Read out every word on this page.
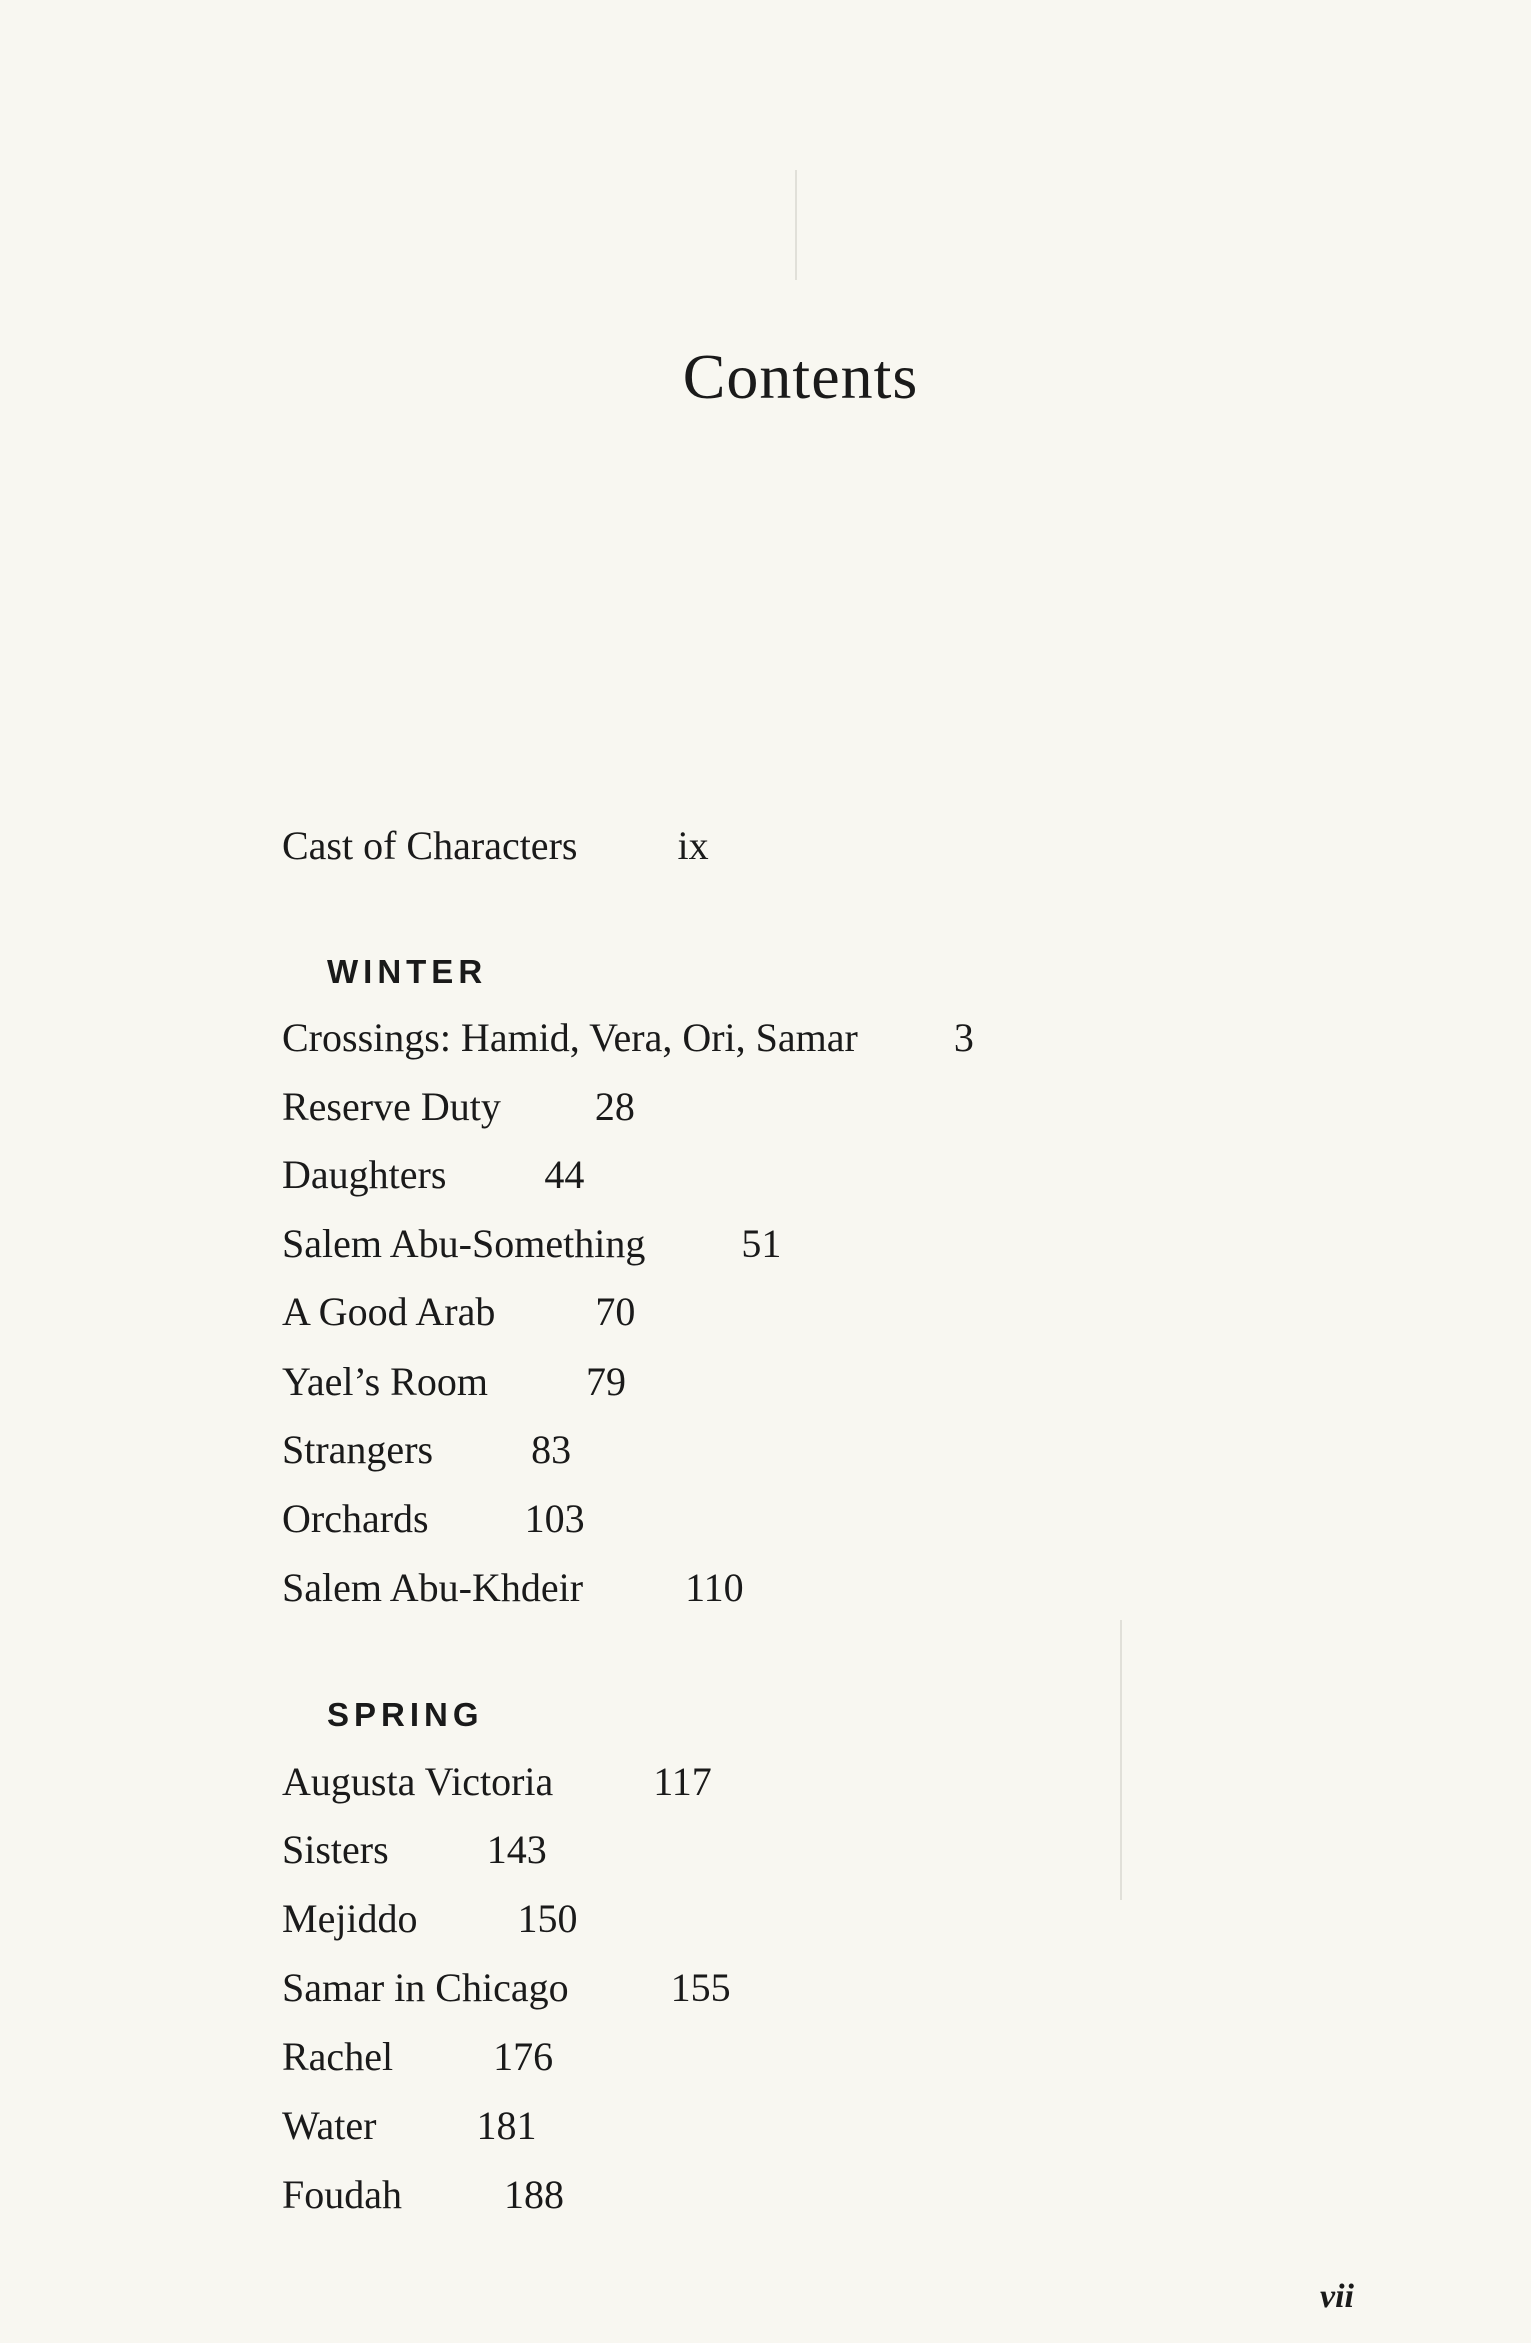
Contents
Cast of Characters	ix
WINTER
Crossings: Hamid, Vera, Ori, Samar 3
Reserve Duty 28
Daughters 44
Salem Abu-Something 51
A Good Arab	70
Yael’s Room 79
Strangers 83
Orchards 103
Salem Abu-Khdeir	110
SPRING
Augusta Victoria	117
Sisters 143
Mejiddo	150
Samar in Chicago	155
Rachel	176
Water	181
Foudah	188
vii
